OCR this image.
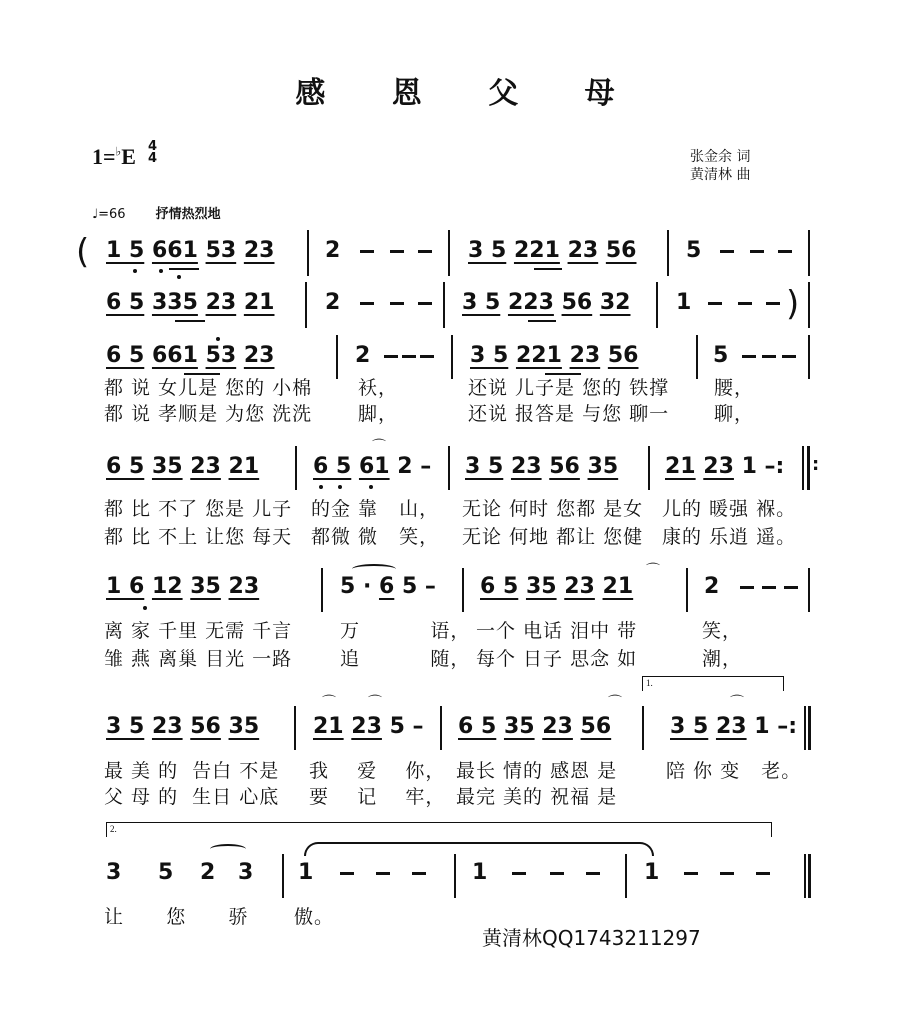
感 恩 父 母
1=♭E 4
4	张金余 词
黄清林 曲
♩=66 抒情热烈地
( 1 5 661 53 23 2	3 5 221 23 56 5
6 5 335 23 21 2	3 5 223 56 32 1	)
6 5 661 53 23	2	3 5 221 23 56	5
都 说 女儿是 您的 小棉 袄，	还说 儿子是 您的 铁撑 腰，
都 说 孝顺是 为您 洗洗 脚，	还说 报答是 与您 聊一 聊，
6 5 35 23 21
⌒
6 5 61 2 – 3 5 23 56 35 21 23 1 –: :
都 比 不了 您是 儿子 的金 靠   山， 无论 何时 您都 是女 儿的 暖强 褓。
都 比 不上 让您 每天 都微 微   笑， 无论 何地 都让 您健 康的 乐逍 遥。
1 6 12 35 23	5 · 6 5 –
⌒
6 5 35 23 21	2
离 家 千里 无需 千言	万          语， 一个 电话 泪中 带	笑，
雏 燕 离巢 目光 一路	追          随， 每个 日子 思念 如	潮，
1.
3 5 23 56 35
⌒ ⌒
21 23 5 –
⌒
6 5 35 23 56
⌒
3 5 23 1 –:
最 美 的  告白 不是 我    爱    你， 最长 情的 感恩 是	陪 你 变   老。
父 母 的  生日 心底 要    记    牢， 最完 美的 祝福 是
2.
3 5 2 3 1	1	1
让      您      骄 傲。
黄清林QQ1743211297
